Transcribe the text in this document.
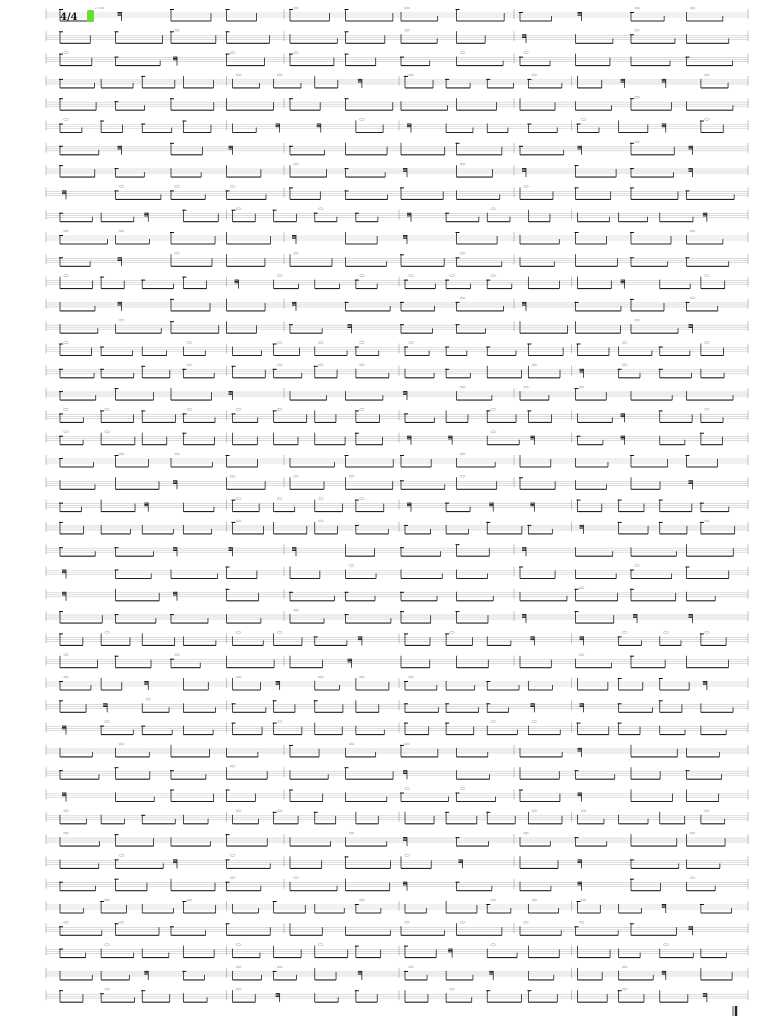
4/4
♩= 90
